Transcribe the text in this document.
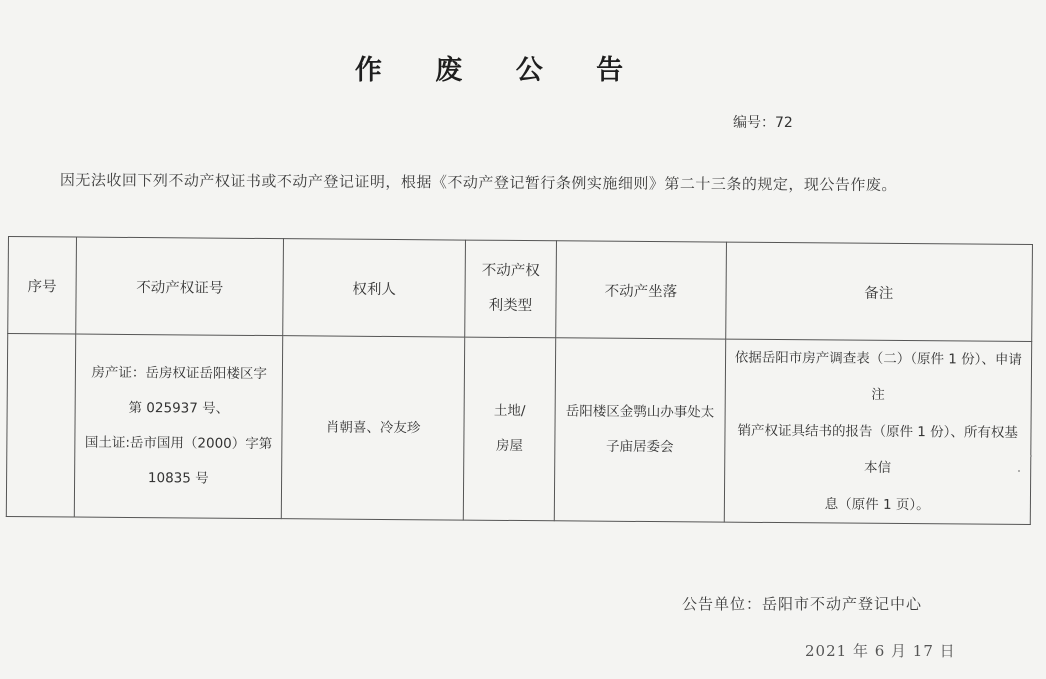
作 废 公 告
编号：72
因无法收回下列不动产权证书或不动产登记证明，根据《不动产登记暂行条例实施细则》第二十三条的规定，现公告作废。
序号	不动产权证号	权利人	不动产权
利类型	不动产坐落	备注
	房产证：岳房权证岳阳楼区字
第 025937 号、
国土证:岳市国用（2000）字第
10835 号	肖朝喜、冷友珍	土地/
房屋	岳阳楼区金鹗山办事处太
子庙居委会	依据岳阳市房产调查表（二）（原件 1 份）、申请注
销产权证具结书的报告（原件 1 份）、所有权基本信
息（原件 1 页）。
公告单位：岳阳市不动产登记中心
2021 年 6 月 17 日
